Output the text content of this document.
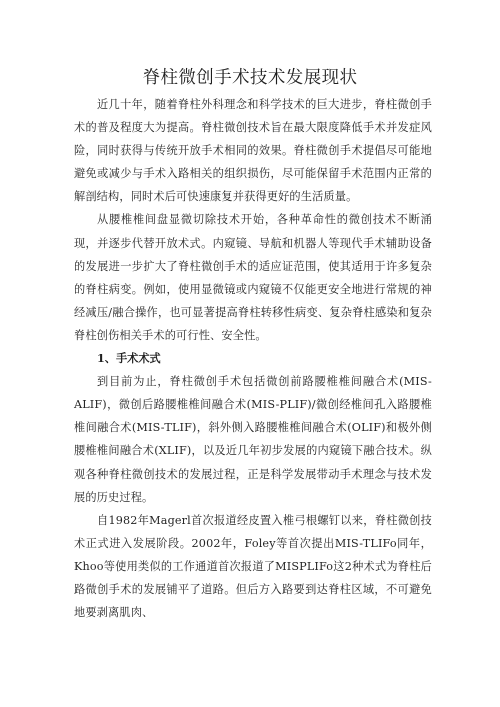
脊柱微创手术技术发展现状

近几十年，随着脊柱外科理念和科学技术的巨大进步，脊柱微创手术的普及程度大为提高。脊柱微创技术旨在最大限度降低手术并发症风险，同时获得与传统开放手术相同的效果。脊柱微创手术提倡尽可能地避免或减少与手术入路相关的组织损伤，尽可能保留手术范围内正常的解剖结构，同时术后可快速康复并获得更好的生活质量。

从腰椎椎间盘显微切除技术开始，各种革命性的微创技术不断涌现，并逐步代替开放术式。内窥镜、导航和机器人等现代手术辅助设备的发展进一步扩大了脊柱微创手术的适应证范围，使其适用于许多复杂的脊柱病变。例如，使用显微镜或内窥镜不仅能更安全地进行常规的神经减压/融合操作，也可显著提高脊柱转移性病变、复杂脊柱感染和复杂脊柱创伤相关手术的可行性、安全性。

1、手术术式

到目前为止，脊柱微创手术包括微创前路腰椎椎间融合术(MIS-ALIF)，微创后路腰椎椎间融合术(MIS-PLIF)/微创经椎间孔入路腰椎椎间融合术(MIS-TLIF)，斜外侧入路腰椎椎间融合术(OLIF)和极外侧腰椎椎间融合术(XLIF)，以及近几年初步发展的内窥镜下融合技术。纵观各种脊柱微创技术的发展过程，正是科学发展带动手术理念与技术发展的历史过程。

自1982年Magerl首次报道经皮置入椎弓根螺钉以来，脊柱微创技术正式进入发展阶段。2002年，Foley等首次提出MIS-TLIFo同年，Khoo等使用类似的工作通道首次报道了MISPLIFo这2种术式为脊柱后路微创手术的发展铺平了道路。但后方入路要到达脊柱区域，不可避免地要剥离肌肉、
